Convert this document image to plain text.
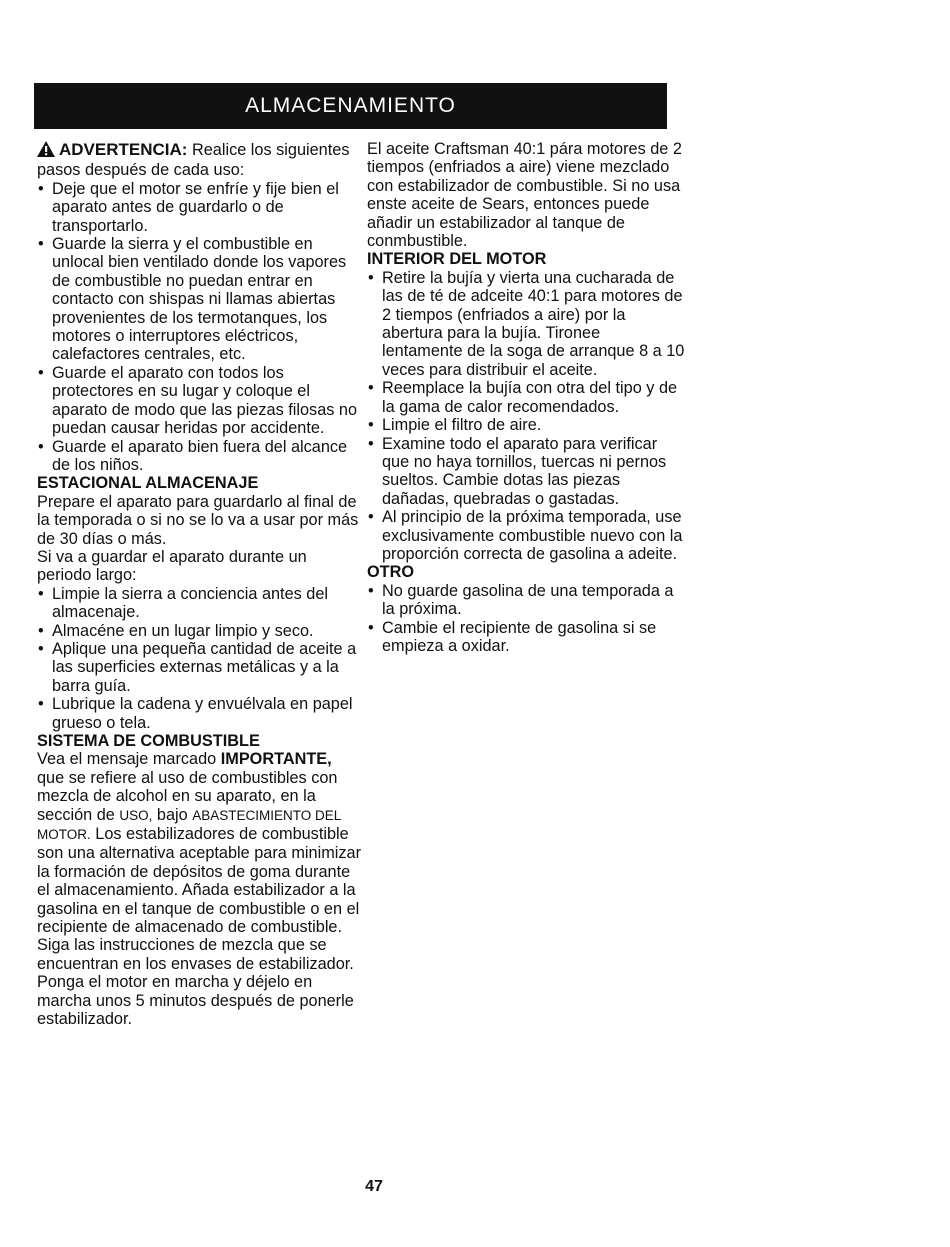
ALMACENAMIENTO

ADVERTENCIA: Realice los siguientes pasos después de cada uso:

• Deje que el motor se enfríe y fije bien el aparato antes de guardarlo o de transportarlo.
• Guarde la sierra y el combustible en unlocal bien ventilado donde los vapores de combustible no puedan entrar en contacto con shispas ni llamas abiertas provenientes de los termotanques, los motores o interruptores eléctricos, calefactores centrales, etc.
• Guarde el aparato con todos los protectores en su lugar y coloque el aparato de modo que las piezas filosas no puedan causar heridas por accidente.
• Guarde el aparato bien fuera del alcance de los niños.

ESTACIONAL ALMACENAJE

Prepare el aparato para guardarlo al final de la temporada o si no se lo va a usar por más de 30 días o más.

Si va a guardar el aparato durante un periodo largo:

• Limpie la sierra a conciencia antes del almacenaje.
• Almacéne en un lugar limpio y seco.
• Aplique una pequeña cantidad de aceite a las superficies externas metálicas y a la barra guía.
• Lubrique la cadena y envuélvala en papel grueso o tela.

SISTEMA DE COMBUSTIBLE

Vea el mensaje marcado IMPORTANTE, que se refiere al uso de combustibles con mezcla de alcohol en su aparato, en la sección de USO, bajo ABASTECIMIENTO DEL MOTOR. Los estabilizadores de combustible son una alternativa aceptable para minimizar la formación de depósitos de goma durante el almacenamiento. Añada estabilizador a la gasolina en el tanque de combustible o en el recipiente de almacenado de combustible. Siga las instrucciones de mezcla que se encuentran en los envases de estabilizador. Ponga el motor en marcha y déjelo en marcha unos 5 minutos después de ponerle estabilizador.

El aceite Craftsman 40:1 pára motores de 2 tiempos (enfriados a aire) viene mezclado con estabilizador de combustible. Si no usa enste aceite de Sears, entonces puede añadir un estabilizador al tanque de conmbustible.

INTERIOR DEL MOTOR

• Retire la bujía y vierta una cucharada de las de té de adceite 40:1 para motores de 2 tiempos (enfriados a aire) por la abertura para la bujía. Tironee lentamente de la soga de arranque 8 a 10 veces para distribuir el aceite.
• Reemplace la bujía con otra del tipo y de la gama de calor recomendados.
• Limpie el filtro de aire.
• Examine todo el aparato para verificar que no haya tornillos, tuercas ni pernos sueltos. Cambie dotas las piezas dañadas, quebradas o gastadas.
• Al principio de la próxima temporada, use exclusivamente combustible nuevo con la proporción correcta de gasolina a adeite.

OTRO

• No guarde gasolina de una temporada a la próxima.
• Cambie el recipiente de gasolina si se empieza a oxidar.
47
